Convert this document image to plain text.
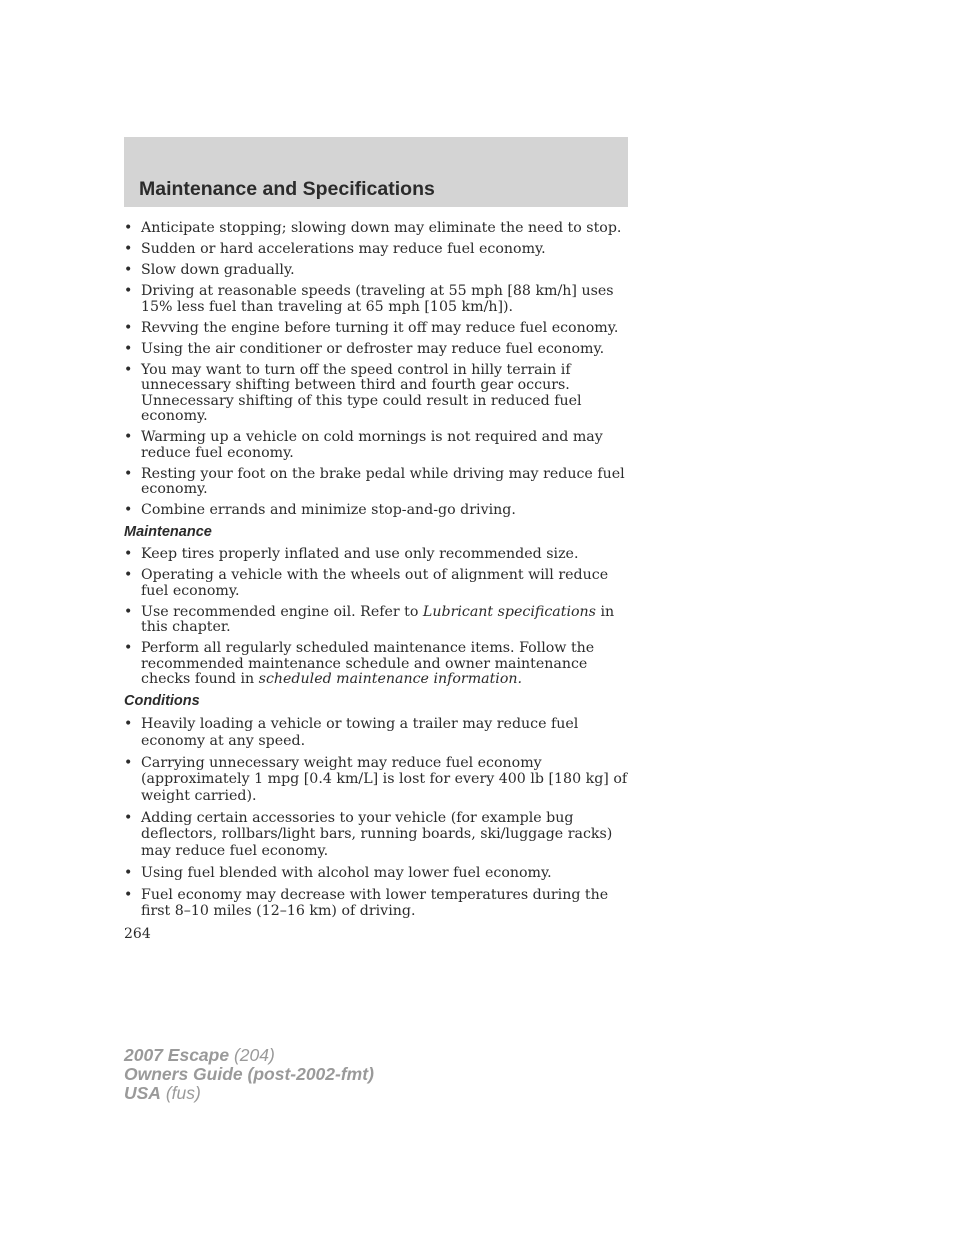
Maintenance and Specifications
• Anticipate stopping; slowing down may eliminate the need to stop.
• Sudden or hard accelerations may reduce fuel economy.
• Slow down gradually.
• Driving at reasonable speeds (traveling at 55 mph [88 km/h] uses 15% less fuel than traveling at 65 mph [105 km/h]).
• Revving the engine before turning it off may reduce fuel economy.
• Using the air conditioner or defroster may reduce fuel economy.
• You may want to turn off the speed control in hilly terrain if unnecessary shifting between third and fourth gear occurs. Unnecessary shifting of this type could result in reduced fuel economy.
• Warming up a vehicle on cold mornings is not required and may reduce fuel economy.
• Resting your foot on the brake pedal while driving may reduce fuel economy.
• Combine errands and minimize stop-and-go driving.
Maintenance
• Keep tires properly inflated and use only recommended size.
• Operating a vehicle with the wheels out of alignment will reduce fuel economy.
• Use recommended engine oil. Refer to Lubricant specifications in this chapter.
• Perform all regularly scheduled maintenance items. Follow the recommended maintenance schedule and owner maintenance checks found in scheduled maintenance information.
Conditions
• Heavily loading a vehicle or towing a trailer may reduce fuel economy at any speed.
• Carrying unnecessary weight may reduce fuel economy (approximately 1 mpg [0.4 km/L] is lost for every 400 lb [180 kg] of weight carried).
• Adding certain accessories to your vehicle (for example bug deflectors, rollbars/light bars, running boards, ski/luggage racks) may reduce fuel economy.
• Using fuel blended with alcohol may lower fuel economy.
• Fuel economy may decrease with lower temperatures during the first 8–10 miles (12–16 km) of driving.
264
2007 Escape (204)
Owners Guide (post-2002-fmt)
USA (fus)
